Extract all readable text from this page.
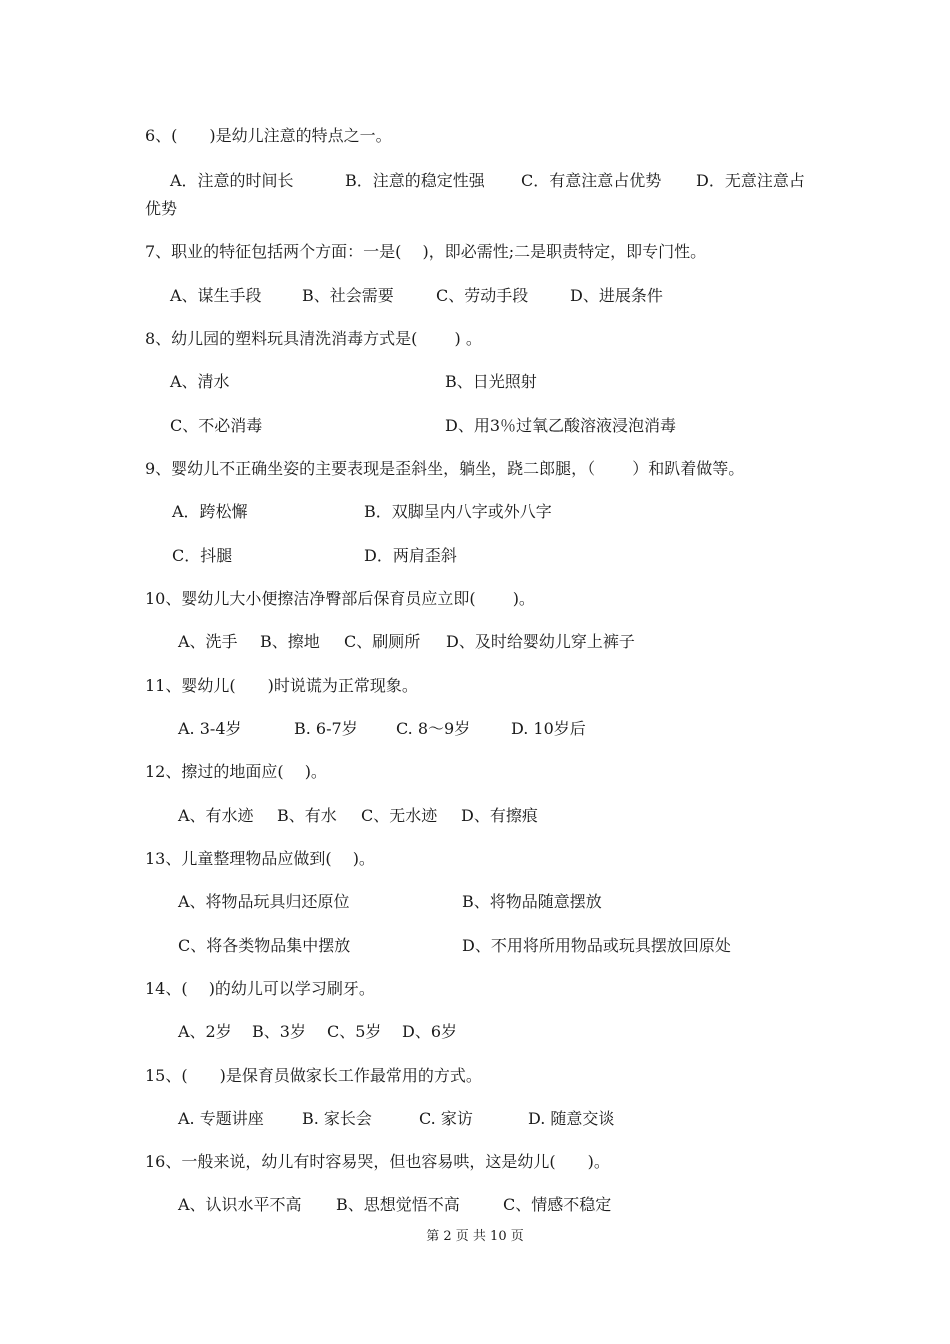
6、(　　)是幼儿注意的特点之一。
A．注意的时间长	B．注意的稳定性强 C．有意注意占优势 D．无意注意占
优势
7、职业的特征包括两个方面：一是(　 )，即必需性;二是职责特定，即专门性。
A、谋生手段	B、社会需要	C、劳动手段	D、进展条件
8、幼儿园的塑料玩具清洗消毒方式是(　　 ) 。
A、清水	B、日光照射
C、不必消毒	D、用3％过氧乙酸溶液浸泡消毒
9、婴幼儿不正确坐姿的主要表现是歪斜坐，躺坐，跷二郎腿，（　　 ）和趴着做等。
A．跨松懈	B．双脚呈内八字或外八字
C．抖腿	D．两肩歪斜
10、婴幼儿大小便擦洁净臀部后保育员应立即(　　 )。
A、洗手 B、擦地 C、刷厕所 D、及时给婴幼儿穿上裤子
11、婴幼儿(　　)时说谎为正常现象。
A. 3-4岁	B. 6-7岁 C. 8～9岁	D. 10岁后
12、擦过的地面应(　 )。
A、有水迹 B、有水 C、无水迹 D、有擦痕
13、儿童整理物品应做到(　 )。
A、将物品玩具归还原位	B、将物品随意摆放
C、将各类物品集中摆放	D、不用将所用物品或玩具摆放回原处
14、(　 )的幼儿可以学习刷牙。
A、2岁 B、3岁 C、5岁 D、6岁
15、(　　)是保育员做家长工作最常用的方式。
A. 专题讲座 B. 家长会	C. 家访	D. 随意交谈
16、一般来说，幼儿有时容易哭，但也容易哄，这是幼儿(　　)。
A、认识水平不高 B、思想觉悟不高	C、情感不稳定
第 2 页 共 10 页
